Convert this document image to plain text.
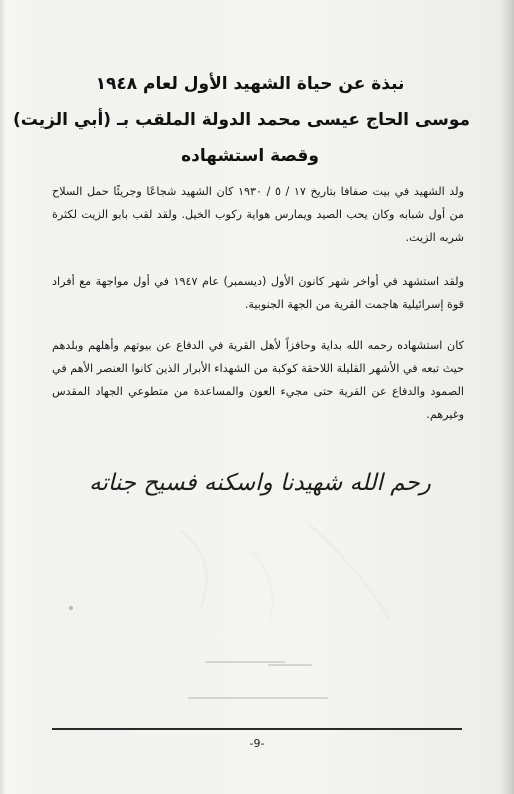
نبذة عن حياة الشهيد الأول لعام ١٩٤٨

موسى الحاج عيسى محمد الدولة الملقب بـ (أبي الزيت)

وقصة استشهاده

ولد الشهيد في بيت صفافا بتاريخ ١٧ / ٥ / ١٩٣٠ كان الشهيد شجاعًا وجريئًا حمل السلاح من أول شبابه وكان يحب الصيد ويمارس هواية ركوب الخيل. ولقد لقب بابو الزيت لكثرة شربه الزيت.

ولقد استشهد في أواخر شهر كانون الأول (ديسمبر) عام ١٩٤٧ في أول مواجهة مع أفراد قوة إسرائيلية هاجمت القرية من الجهة الجنوبية.

كان استشهاده رحمه الله بداية وحافزاً لأهل القرية في الدفاع عن بيوتهم وأهلهم وبلدهم حيث تبعه في الأشهر القليلة اللاحقة كوكبة من الشهداء الأبرار الذين كانوا العنصر الأهم في الصمود والدفاع عن القرية حتى مجيء العون والمساعدة من متطوعي الجهاد المقدس وغيرهم.

رحم الله شهيدنا واسكنه فسيح جناته
-9-
